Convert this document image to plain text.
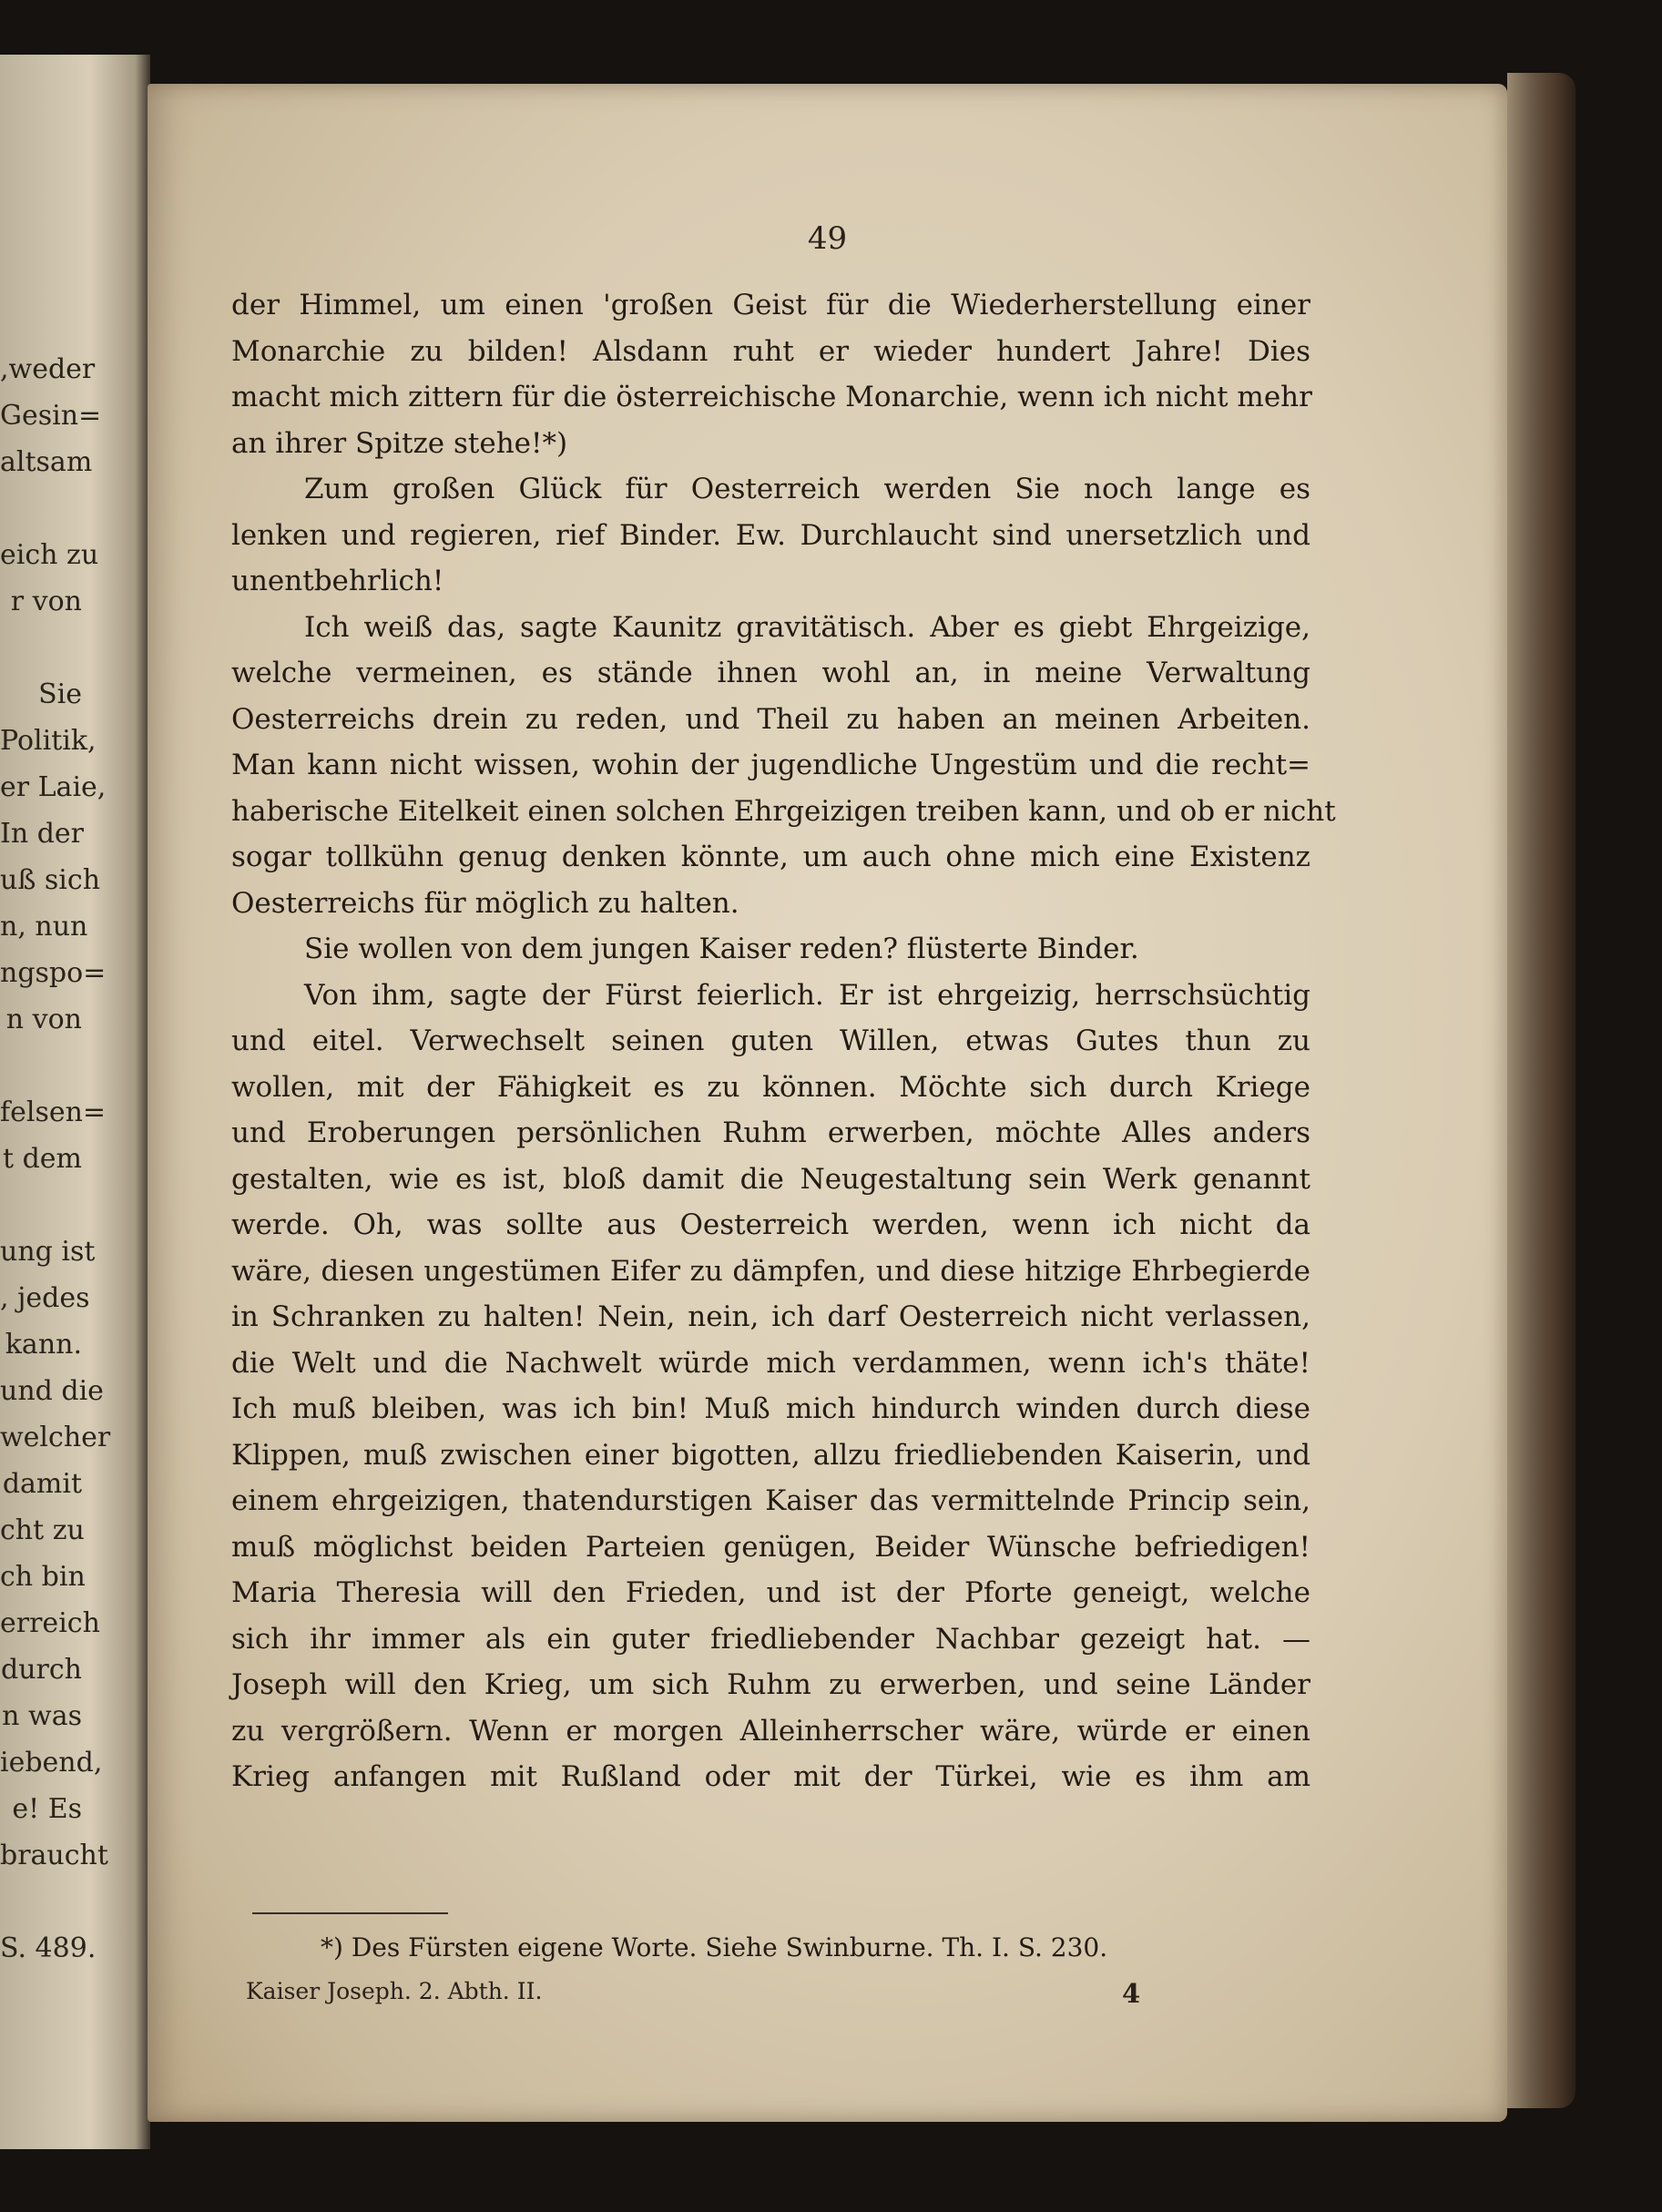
,weder
Gesin=
altsam

eich zu
r von

Sie
Politik,
er Laie,
In der
uß sich
n, nun
ngspo=
n von

felsen=
t dem

ung ist
, jedes
kann.
und die
welcher
damit
cht zu
ch bin
erreich
durch
n was
iebend,
e! Es
braucht

S. 489.
49
der Himmel, um einen 'großen Geist für die Wiederherstellung einer
Monarchie zu bilden! Alsdann ruht er wieder hundert Jahre! Dies
macht mich zittern für die österreichische Monarchie, wenn ich nicht mehr
an ihrer Spitze stehe!*)
Zum großen Glück für Oesterreich werden Sie noch lange es
lenken und regieren, rief Binder. Ew. Durchlaucht sind unersetzlich und
unentbehrlich!
Ich weiß das, sagte Kaunitz gravitätisch. Aber es giebt Ehrgeizige,
welche vermeinen, es stände ihnen wohl an, in meine Verwaltung
Oesterreichs drein zu reden, und Theil zu haben an meinen Arbeiten.
Man kann nicht wissen, wohin der jugendliche Ungestüm und die recht=
haberische Eitelkeit einen solchen Ehrgeizigen treiben kann, und ob er nicht
sogar tollkühn genug denken könnte, um auch ohne mich eine Existenz
Oesterreichs für möglich zu halten.
Sie wollen von dem jungen Kaiser reden? flüsterte Binder.
Von ihm, sagte der Fürst feierlich. Er ist ehrgeizig, herrschsüchtig
und eitel. Verwechselt seinen guten Willen, etwas Gutes thun zu
wollen, mit der Fähigkeit es zu können. Möchte sich durch Kriege
und Eroberungen persönlichen Ruhm erwerben, möchte Alles anders
gestalten, wie es ist, bloß damit die Neugestaltung sein Werk genannt
werde. Oh, was sollte aus Oesterreich werden, wenn ich nicht da
wäre, diesen ungestümen Eifer zu dämpfen, und diese hitzige Ehrbegierde
in Schranken zu halten! Nein, nein, ich darf Oesterreich nicht verlassen,
die Welt und die Nachwelt würde mich verdammen, wenn ich's thäte!
Ich muß bleiben, was ich bin! Muß mich hindurch winden durch diese
Klippen, muß zwischen einer bigotten, allzu friedliebenden Kaiserin, und
einem ehrgeizigen, thatendurstigen Kaiser das vermittelnde Princip sein,
muß möglichst beiden Parteien genügen, Beider Wünsche befriedigen!
Maria Theresia will den Frieden, und ist der Pforte geneigt, welche
sich ihr immer als ein guter friedliebender Nachbar gezeigt hat. —
Joseph will den Krieg, um sich Ruhm zu erwerben, und seine Länder
zu vergrößern. Wenn er morgen Alleinherrscher wäre, würde er einen
Krieg anfangen mit Rußland oder mit der Türkei, wie es ihm am
*) Des Fürsten eigene Worte. Siehe Swinburne. Th. I. S. 230.
Kaiser Joseph. 2. Abth. II.	4
